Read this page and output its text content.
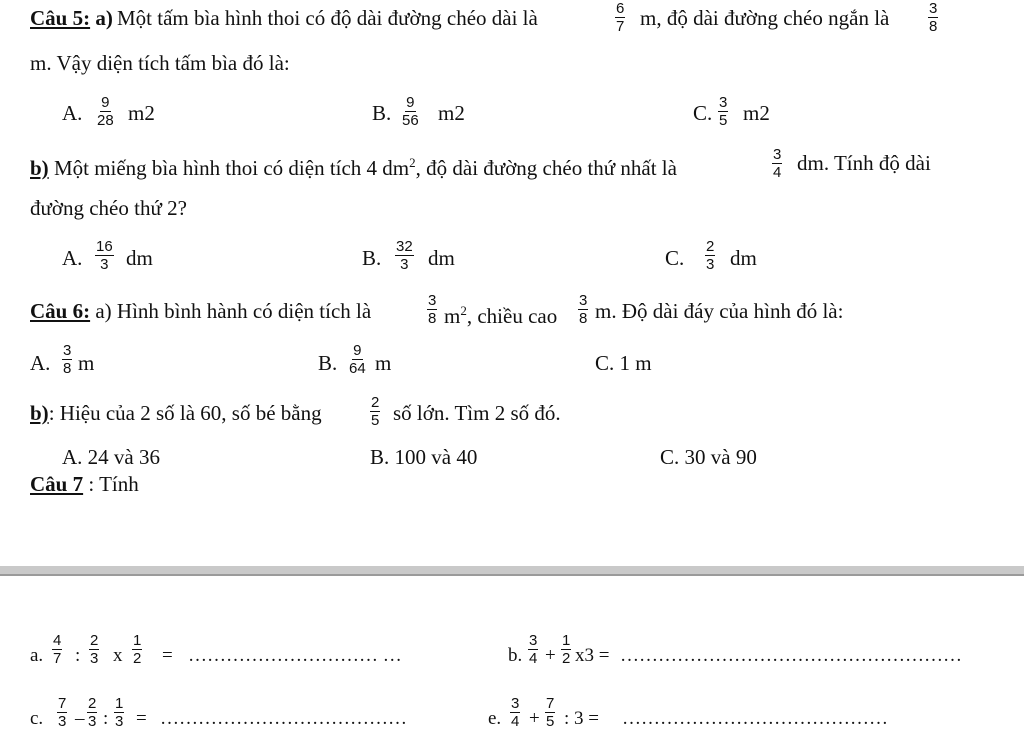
Câu 5: a) Một tấm bìa hình thoi có độ dài đường chéo dài là	$\frac{6}{7} m$, độ dài đường chéo ngắn là	$\frac{3}{8}$
m. Vậy diện tích tấm bìa đó là:
A. $\frac{9}{28} m2$	B. $\frac{9}{56} m2$	C. $\frac{3}{5} m2$
b) Một miếng bìa hình thoi có diện tích 4 $dm^2$, độ dài đường chéo thứ nhất là	$\frac{3}{4}$ dm. Tính độ dài
đường chéo thứ 2?
A. $\frac{16}{3}$ dm	B. $\frac{32}{3}$ dm	C. $\frac{2}{3}$ dm
Câu 6: a) Hình bình hành có diện tích là	$\frac{3}{8} m^2$, chiều cao $\frac{3}{8} m$. Độ dài đáy của hình đó là:
A. $\frac{3}{8}$ m	B. $\frac{9}{64}$ m	C. 1 m
b): Hiệu của 2 số là 60, số bé bằng	$\frac{2}{5}$ số lớn. Tìm 2 số đó.
A. 24 và 36	B. 100 và 40	C. 30 và 90
Câu 7 : Tính
a. $\frac{4}{7}$ : $\frac{2}{3}$ x $\frac{1}{2}$ = ………………………… …	b. $\frac{3}{4} + \frac{1}{2} x3$ = ………………………………………………
c. $\frac{7}{3} - \frac{2}{3}$ : $\frac{1}{3}$ = …………………………………	e. $\frac{3}{4} + \frac{7}{5}$ : 3 = ……………………………………
